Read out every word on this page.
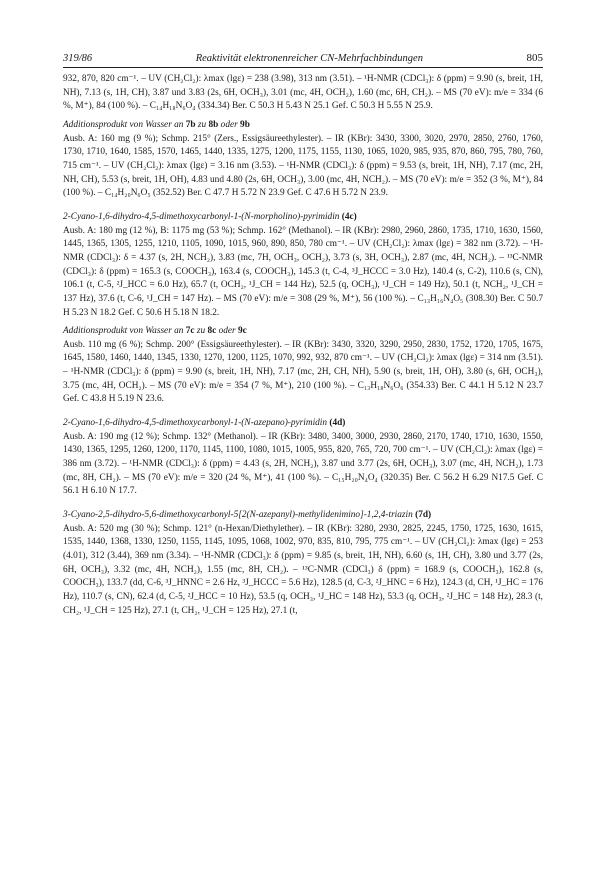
319/86	Reaktivität elektronenreicher CN-Mehrfachbindungen	805

932, 870, 820 cm⁻¹. – UV (CH₂Cl₂): λmax (lgε) = 238 (3.98), 313 nm (3.51). – ¹H-NMR (CDCl₃): δ (ppm) = 9.90 (s, breit, 1H, NH), 7.13 (s, 1H, CH), 3.87 und 3.83 (2s, 6H, OCH₃), 3.01 (mc, 4H, OCH₂), 1.60 (mc, 6H, CH₂). – MS (70 eV): m/e = 334 (6 %, M⁺), 84 (100 %). – C₁₄H₁₈N₆O₄ (334.34) Ber. C 50.3 H 5.43 N 25.1 Gef. C 50.3 H 5.55 N 25.9.

Additionsprodukt von Wasser an 7b zu 8b oder 9b

Ausb. A: 160 mg (9 %); Schmp. 215° (Zers., Essigsäureethylester). – IR (KBr): 3430, 3300, 3020, 2970, 2850, 2760, 1760, 1730, 1710, 1640, 1585, 1570, 1465, 1440, 1335, 1275, 1200, 1175, 1155, 1130, 1065, 1020, 985, 935, 870, 860, 795, 780, 760, 715 cm⁻¹. – UV (CH₂Cl₂): λmax (lgε) = 3.16 nm (3.53). – ¹H-NMR (CDCl₃): δ (ppm) = 9.53 (s, breit, 1H, NH), 7.17 (mc, 2H, NH, CH), 5.53 (s, breit, 1H, OH), 4.83 und 4.80 (2s, 6H, OCH₃), 3.00 (mc, 4H, NCH₂). – MS (70 eV): m/e = 352 (3 %, M⁺), 84 (100 %). – C₁₄H₂₀N₆O₅ (352.52) Ber. C 47.7 H 5.72 N 23.9 Gef. C 47.6 H 5.72 N 23.9.

2-Cyano-1,6-dihydro-4,5-dimethoxycarbonyl-1-(N-morpholino)-pyrimidin (4c)

Ausb. A: 180 mg (12 %), B: 1175 mg (53 %); Schmp. 162° (Methanol). – IR (KBr): 2980, 2960, 2860, 1735, 1710, 1630, 1560, 1445, 1365, 1305, 1255, 1210, 1105, 1090, 1015, 960, 890, 850, 780 cm⁻¹. – UV (CH₂Cl₂): λmax (lgε) = 382 nm (3.72). – ¹H-NMR (CDCl₃): δ = 4.37 (s, 2H, NCH₂), 3.83 (mc, 7H, OCH₃, OCH₂), 3.73 (s, 3H, OCH₃), 2.87 (mc, 4H, NCH₂). – ¹³C-NMR (CDCl₃): δ (ppm) = 165.3 (s, COOCH₃), 163.4 (s, COOCH₃), 145.3 (t, C-4, ³J_HCCC = 3.0 Hz), 140.4 (s, C-2), 110.6 (s, CN), 106.1 (t, C-5, ²J_HCC = 6.0 Hz), 65.7 (t, OCH₂, ¹J_CH = 144 Hz), 52.5 (q, OCH₃), ¹J_CH = 149 Hz), 50.1 (t, NCH₂, ¹J_CH = 137 Hz), 37.6 (t, C-6, ¹J_CH = 147 Hz). – MS (70 eV): m/e = 308 (29 %, M⁺), 56 (100 %). – C₁₃H₁₆N₄O₅ (308.30) Ber. C 50.7 H 5.23 N 18.2 Gef. C 50.6 H 5.18 N 18.2.

Additionsprodukt von Wasser an 7c zu 8c oder 9c

Ausb. 110 mg (6 %); Schmp. 200° (Essigsäureethylester). – IR (KBr): 3430, 3320, 3290, 2950, 2830, 1752, 1720, 1705, 1675, 1645, 1580, 1460, 1440, 1345, 1330, 1270, 1200, 1125, 1070, 992, 932, 870 cm⁻¹. – UV (CH₂Cl₂): λmax (lgε) = 314 nm (3.51). – ¹H-NMR (CDCl₃): δ (ppm) = 9.90 (s, breit, 1H, NH), 7.17 (mc, 2H, CH, NH), 5.90 (s, breit, 1H, OH), 3.80 (s, 6H, OCH₃), 3.75 (mc, 4H, OCH₂). – MS (70 eV): m/e = 354 (7 %, M⁺), 210 (100 %). – C₁₃H₁₈N₆O₆ (354.33) Ber. C 44.1 H 5.12 N 23.7 Gef. C 43.8 H 5.19 N 23.6.

2-Cyano-1,6-dihydro-4,5-dimethoxycarbonyl-1-(N-azepano)-pyrimidin (4d)

Ausb. A: 190 mg (12 %); Schmp. 132° (Methanol). – IR (KBr): 3480, 3400, 3000, 2930, 2860, 2170, 1740, 1710, 1630, 1550, 1430, 1365, 1295, 1260, 1200, 1170, 1145, 1100, 1080, 1015, 1005, 955, 820, 765, 720, 700 cm⁻¹. – UV (CH₂Cl₂): λmax (lgε) = 386 nm (3.72). – ¹H-NMR (CDCl₃): δ (ppm) = 4.43 (s, 2H, NCH₂), 3.87 und 3.77 (2s, 6H, OCH₃), 3.07 (mc, 4H, NCH₂), 1.73 (mc, 8H, CH₂). – MS (70 eV): m/e = 320 (24 %, M⁺), 41 (100 %). – C₁₅H₂₀N₄O₄ (320.35) Ber. C 56.2 H 6.29 N17.5 Gef. C 56.1 H 6.10 N 17.7.

3-Cyano-2,5-dihydro-5,6-dimethoxycarbonyl-5[2(N-azepanyl)-methylidenimino]-1,2,4-triazin (7d)

Ausb. A: 520 mg (30 %); Schmp. 121° (n-Hexan/Diethylether). – IR (KBr): 3280, 2930, 2825, 2245, 1750, 1725, 1630, 1615, 1535, 1440, 1368, 1330, 1250, 1155, 1145, 1095, 1068, 1002, 970, 835, 810, 795, 775 cm⁻¹. – UV (CH₂Cl₂): λmax (lgε) = 253 (4.01), 312 (3.44), 369 nm (3.34). – ¹H-NMR (CDCl₃): δ (ppm) = 9.85 (s, breit, 1H, NH), 6.60 (s, 1H, CH), 3.80 und 3.77 (2s, 6H, OCH₃), 3.32 (mc, 4H, NCH₂), 1.55 (mc, 8H, CH₂). – ¹³C-NMR (CDCl₃) δ (ppm) = 168.9 (s, COOCH₃), 162.8 (s, COOCH₃), 133.7 (dd, C-6, ³J_HNNC = 2.6 Hz, ³J_HCCC = 5.6 Hz), 128.5 (d, C-3, ²J_HNC = 6 Hz), 124.3 (d, CH, ¹J_HC = 176 Hz), 110.7 (s, CN), 62.4 (d, C-5, ²J_HCC = 10 Hz), 53.5 (q, OCH₃, ¹J_HC = 148 Hz), 53.3 (q, OCH₃, ²J_HC = 148 Hz), 28.3 (t, CH₂, ¹J_CH = 125 Hz), 27.1 (t, CH₂, ¹J_CH = 125 Hz), 27.1 (t,
